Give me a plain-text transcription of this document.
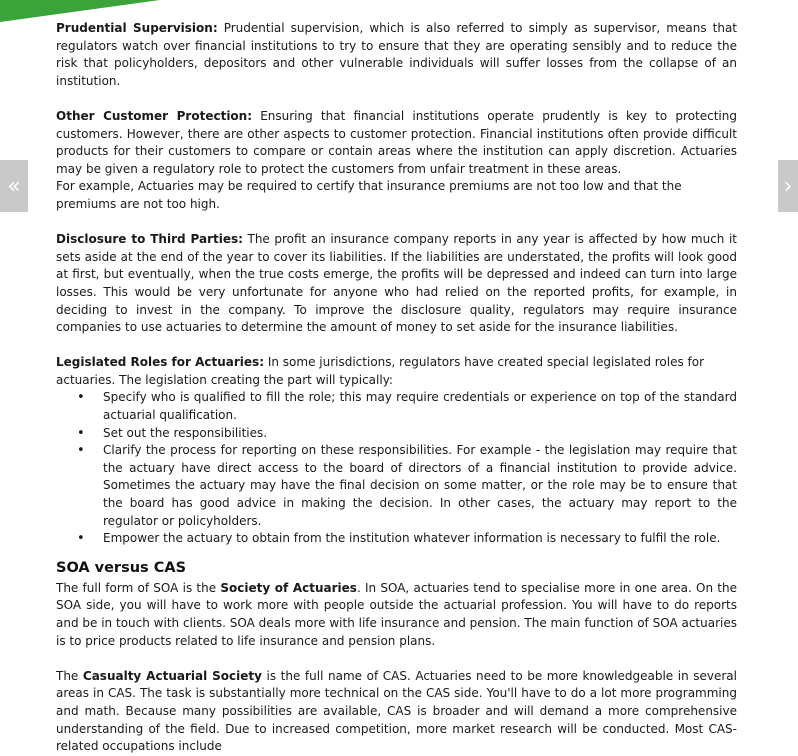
«	›

Prudential Supervision: Prudential supervision, which is also referred to simply as supervisor, means that regulators watch over financial institutions to try to ensure that they are operating sensibly and to reduce the risk that policyholders, depositors and other vulnerable individuals will suffer losses from the collapse of an institution.

Other Customer Protection: Ensuring that financial institutions operate prudently is key to protecting customers. However, there are other aspects to customer protection. Financial institutions often provide difficult products for their customers to compare or contain areas where the institution can apply discretion. Actuaries may be given a regulatory role to protect the customers from unfair treatment in these areas.

For example, Actuaries may be required to certify that insurance premiums are not too low and that the premiums are not too high.

Disclosure to Third Parties: The profit an insurance company reports in any year is affected by how much it sets aside at the end of the year to cover its liabilities. If the liabilities are understated, the profits will look good at first, but eventually, when the true costs emerge, the profits will be depressed and indeed can turn into large losses. This would be very unfortunate for anyone who had relied on the reported profits, for example, in deciding to invest in the company. To improve the disclosure quality, regulators may require insurance companies to use actuaries to determine the amount of money to set aside for the insurance liabilities.

Legislated Roles for Actuaries: In some jurisdictions, regulators have created special legislated roles for actuaries. The legislation creating the part will typically:

• Specify who is qualified to fill the role; this may require credentials or experience on top of the standard actuarial qualification.
• Set out the responsibilities.
• Clarify the process for reporting on these responsibilities. For example - the legislation may require that the actuary have direct access to the board of directors of a financial institution to provide advice. Sometimes the actuary may have the final decision on some matter, or the role may be to ensure that the board has good advice in making the decision. In other cases, the actuary may report to the regulator or policyholders.
• Empower the actuary to obtain from the institution whatever information is necessary to fulfil the role.
SOA versus CAS

The full form of SOA is the Society of Actuaries. In SOA, actuaries tend to specialise more in one area. On the SOA side, you will have to work more with people outside the actuarial profession. You will have to do reports and be in touch with clients. SOA deals more with life insurance and pension. The main function of SOA actuaries is to price products related to life insurance and pension plans.

The Casualty Actuarial Society is the full name of CAS. Actuaries need to be more knowledgeable in several areas in CAS. The task is substantially more technical on the CAS side. You'll have to do a lot more programming and math. Because many possibilities are available, CAS is broader and will demand a more comprehensive understanding of the field. Due to increased competition, more market research will be conducted. Most CAS-related occupations include
